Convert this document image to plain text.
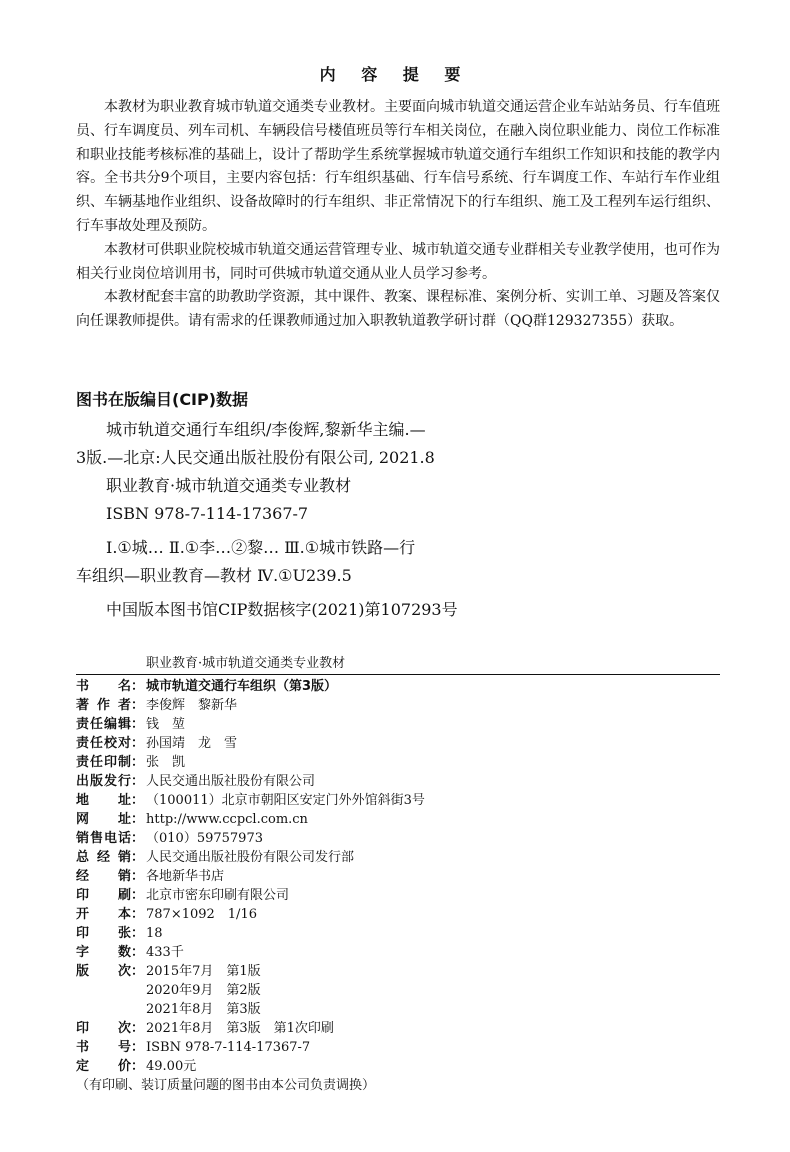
内 容 提 要

本教材为职业教育城市轨道交通类专业教材。主要面向城市轨道交通运营企业车站站务员、行车值班员、行车调度员、列车司机、车辆段信号楼值班员等行车相关岗位，在融入岗位职业能力、岗位工作标准和职业技能考核标准的基础上，设计了帮助学生系统掌握城市轨道交通行车组织工作知识和技能的教学内容。全书共分9个项目，主要内容包括：行车组织基础、行车信号系统、行车调度工作、车站行车作业组织、车辆基地作业组织、设备故障时的行车组织、非正常情况下的行车组织、施工及工程列车运行组织、行车事故处理及预防。

本教材可供职业院校城市轨道交通运营管理专业、城市轨道交通专业群相关专业教学使用，也可作为相关行业岗位培训用书，同时可供城市轨道交通从业人员学习参考。

本教材配套丰富的助教助学资源，其中课件、教案、课程标准、案例分析、实训工单、习题及答案仅向任课教师提供。请有需求的任课教师通过加入职教轨道教学研讨群（QQ群129327355）获取。

图书在版编目(CIP)数据
城市轨道交通行车组织/李俊辉,黎新华主编.—
3版.—北京:人民交通出版社股份有限公司, 2021.8
职业教育·城市轨道交通类专业教材
ISBN 978-7-114-17367-7
Ⅰ.①城… Ⅱ.①李…②黎… Ⅲ.①城市铁路—行
车组织—职业教育—教材 Ⅳ.①U239.5
中国版本图书馆CIP数据核字(2021)第107293号
职业教育·城市轨道交通类专业教材
书 名： 城市轨道交通行车组织（第3版）
著 作 者： 李俊辉　黎新华
责 任 编 辑： 钱　堃
责 任 校 对： 孙国靖　龙　雪
责 任 印 制： 张　凯
出 版 发 行： 人民交通出版社股份有限公司
地 址： （100011）北京市朝阳区安定门外外馆斜街3号
网 址： http://www.ccpcl.com.cn
销 售 电 话： （010）59757973
总 经 销： 人民交通出版社股份有限公司发行部
经 销： 各地新华书店
印 刷： 北京市密东印刷有限公司
开 本： 787×1092　1/16
印 张： 18
字 数： 433千
版 次： 2015年7月　第1版
2020年9月　第2版
2021年8月　第3版
印 次： 2021年8月　第3版　第1次印刷
书 号： ISBN 978-7-114-17367-7
定 价： 49.00元
（有印刷、装订质量问题的图书由本公司负责调换）
